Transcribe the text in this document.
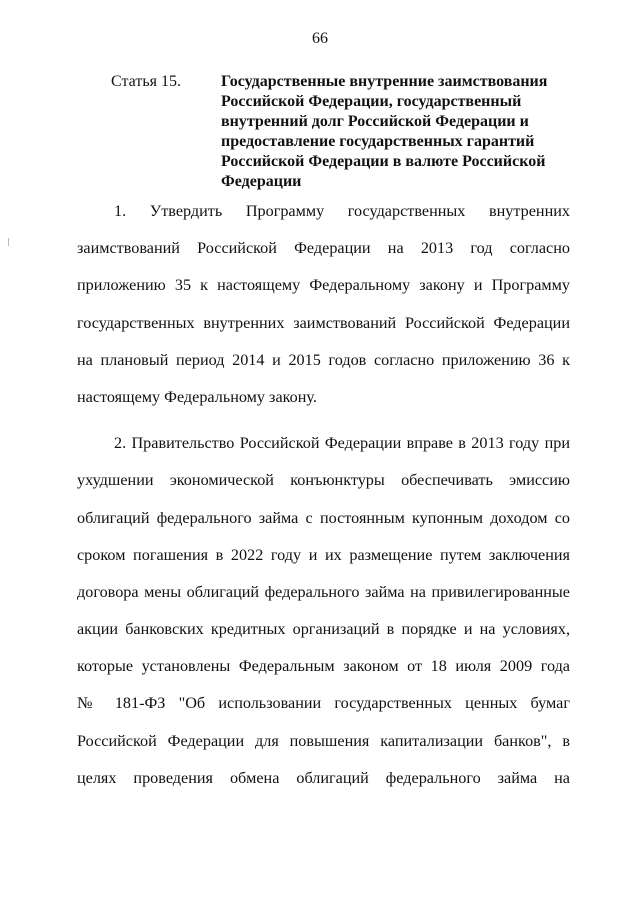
66
Статья 15.	Государственные внутренние заимствования
Российской Федерации, государственный
внутренний долг Российской Федерации и
предоставление государственных гарантий
Российской Федерации в валюте Российской
Федерации
1. Утвердить Программу государственных внутренних
заимствований Российской Федерации на 2013 год согласно
приложению 35 к настоящему Федеральному закону и Программу
государственных внутренних заимствований Российской Федерации
на плановый период 2014 и 2015 годов согласно приложению 36 к
настоящему Федеральному закону.
2. Правительство Российской Федерации вправе в 2013 году при
ухудшении экономической конъюнктуры обеспечивать эмиссию
облигаций федерального займа с постоянным купонным доходом со
сроком погашения в 2022 году и их размещение путем заключения
договора мены облигаций федерального займа на привилегированные
акции банковских кредитных организаций в порядке и на условиях,
которые установлены Федеральным законом от 18 июля 2009 года
№ 181-ФЗ "Об использовании государственных ценных бумаг
Российской Федерации для повышения капитализации банков", в
целях проведения обмена облигаций федерального займа на
